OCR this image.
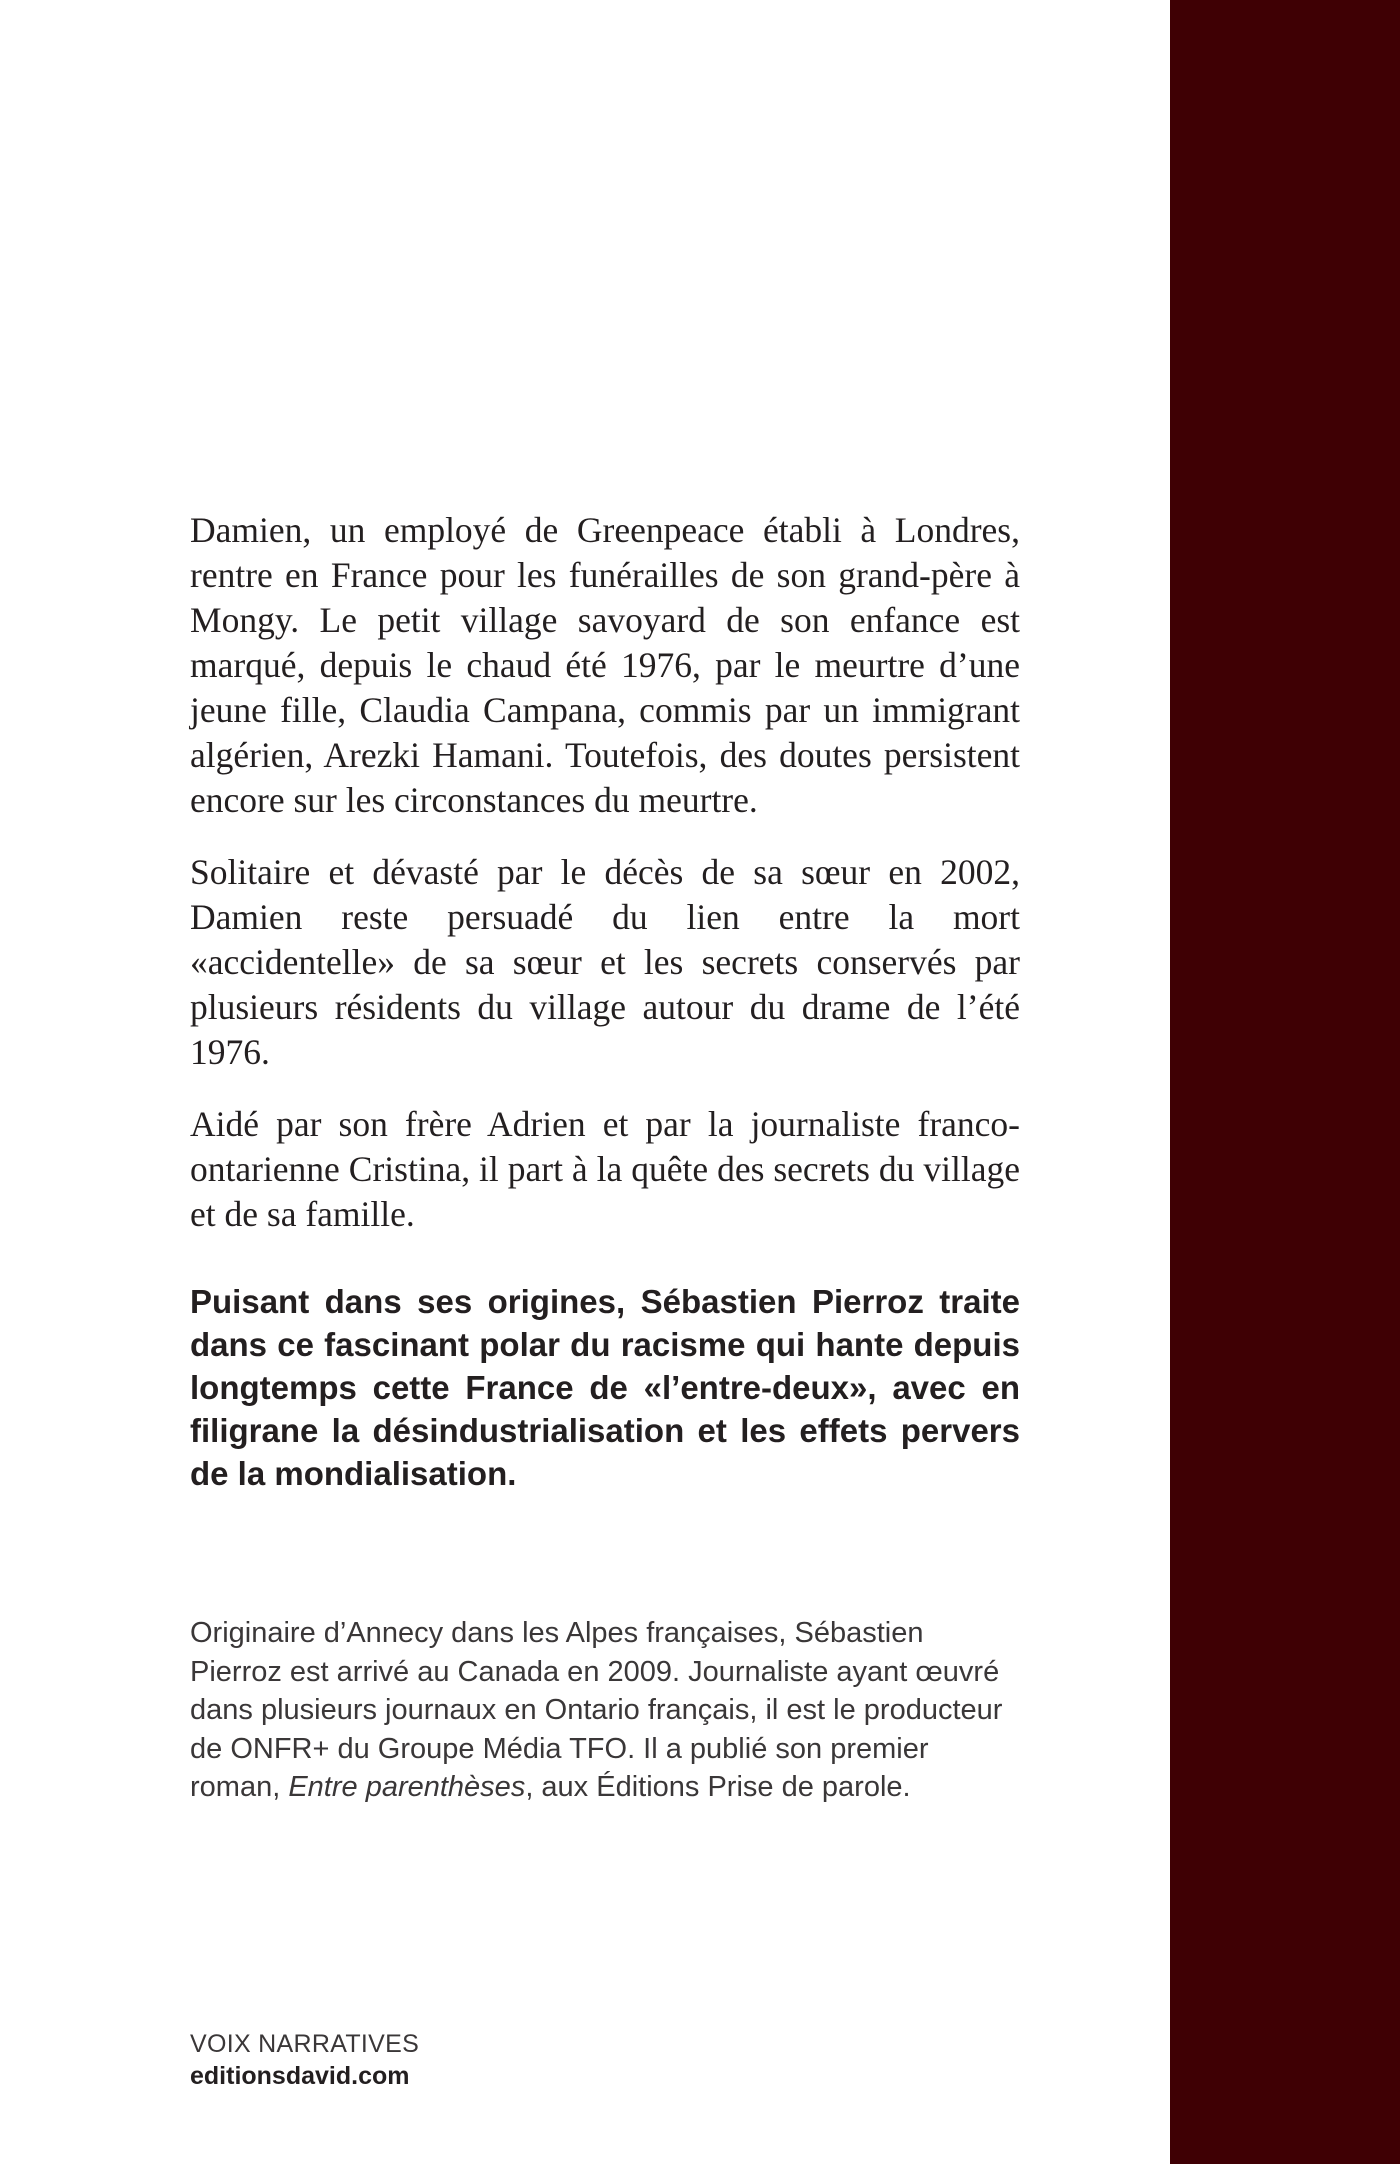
Damien, un employé de Greenpeace établi à Londres, rentre en France pour les funérailles de son grand-père à Mongy. Le petit village savoyard de son enfance est marqué, depuis le chaud été 1976, par le meurtre d’une jeune fille, Claudia Campana, commis par un immigrant algérien, Arezki Hamani. Toutefois, des doutes persistent encore sur les circonstances du meurtre.

Solitaire et dévasté par le décès de sa sœur en 2002, Damien reste persuadé du lien entre la mort «accidentelle» de sa sœur et les secrets conservés par plusieurs résidents du village autour du drame de l’été 1976.

Aidé par son frère Adrien et par la journaliste franco-ontarienne Cristina, il part à la quête des secrets du village et de sa famille.

Puisant dans ses origines, Sébastien Pierroz traite dans ce fascinant polar du racisme qui hante depuis longtemps cette France de «l’entre-deux», avec en filigrane la désindustrialisation et les effets pervers de la mondialisation.

Originaire d’Annecy dans les Alpes françaises, Sébastien Pierroz est arrivé au Canada en 2009. Journaliste ayant œuvré dans plusieurs journaux en Ontario français, il est le producteur de ONFR+ du Groupe Média TFO. Il a publié son premier roman, Entre parenthèses, aux Éditions Prise de parole.

VOIX NARRATIVES
editionsdavid.com
